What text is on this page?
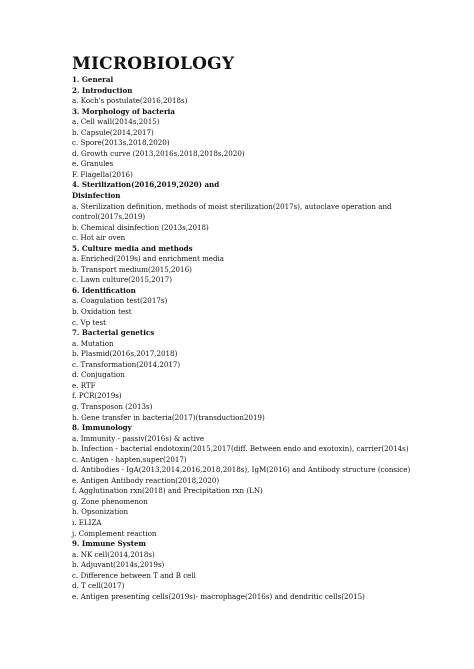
MICROBIOLOGY
1. General
2. Introduction
a. Koch's postulate(2016,2018s)
3. Morphology of bacteria
a. Cell wall(2014s,2015)
b. Capsule(2014,2017)
c. Spore(2013s,2018,2020)
d. Growth curve (2013,2016s,2018,2018s,2020)
e. Granules
F. Flagella(2016)
4. Sterilization(2016,2019,2020) and
Disinfection
a. Sterilization definition, methods of moist sterilization(2017s), autoclave operation and control(2017s,2019)
b. Chemical disinfection (2013s,2018)
c. Hot air oven
5. Culture media and methods
a. Enriched(2019s) and enrichment media
b. Transport medium(2015,2016)
c. Lawn culture(2015,2017)
6. Identification
a. Coagulation test(2017s)
b. Oxidation test
c. Vp test
7. Bacterial genetics
a. Mutation
b. Plasmid(2016s,2017,2018)
c. Transformation(2014,2017)
d. Conjugation
e. RTF
f. PCR(2019s)
g. Transposon (2013s)
h. Gene transfer in bacteria(2017)(transduction2019)
8. Immunology
a. Immunity - passiv(2016s) & active
b. Infection - bacterial endotoxin(2015,2017(diff. Between endo and exotoxin), carrier(2014s)
c. Antigen - hapten,super(2017)
d. Antibodies - IgA(2013,2014,2016,2018,2018s), IgM(2016) and Antibody structure (consice)
e. Antigen Antibody reaction(2018,2020)
f. Agglutination rxn(2018) and Precipitation rxn (LN)
g. Zone phenomenon
h. Opsonization
i. ELIZA
j. Complement reaction
9. Immune System
a. NK cell(2014,2018s)
b. Adjuvant(2014s,2019s)
c. Difference between T and B cell
d. T cell(2017)
e. Antigen presenting cells(2019s)- macrophage(2016s) and dendritic cells(2015)
